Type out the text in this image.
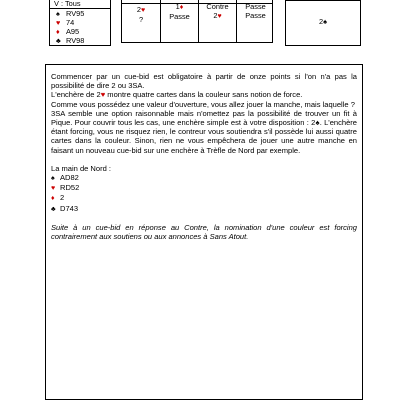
V : Tous
♠ RV95
♥ 74
♦ A95
♣ RV98
2♥
?
1♦
Passe
Contre
2♥
Passe
Passe
2♠

Commencer par un cue-bid est obligatoire à partir de onze points si l'on n'a pas la possibilité de dire 2 ou 3SA.

L'enchère de 2♥ montre quatre cartes dans la couleur sans notion de force.

Comme vous possédez une valeur d'ouverture, vous allez jouer la manche, mais laquelle ?

3SA semble une option raisonnable mais n'omettez pas la possibilité de trouver un fit à Pique. Pour couvrir tous les cas, une enchère simple est à votre disposition : 2♠. L'enchère étant forcing, vous ne risquez rien, le contreur vous soutiendra s'il possède lui aussi quatre cartes dans la couleur. Sinon, rien ne vous empêchera de jouer une autre manche en faisant un nouveau cue-bid sur une enchère à Trèfle de Nord par exemple.

La main de Nord :

♠ AD82
♥ RD52
♦ 2
♣ D743

Suite à un cue-bid en réponse au Contre, la nomination d'une couleur est forcing contrairement aux soutiens ou aux annonces à Sans Atout.
